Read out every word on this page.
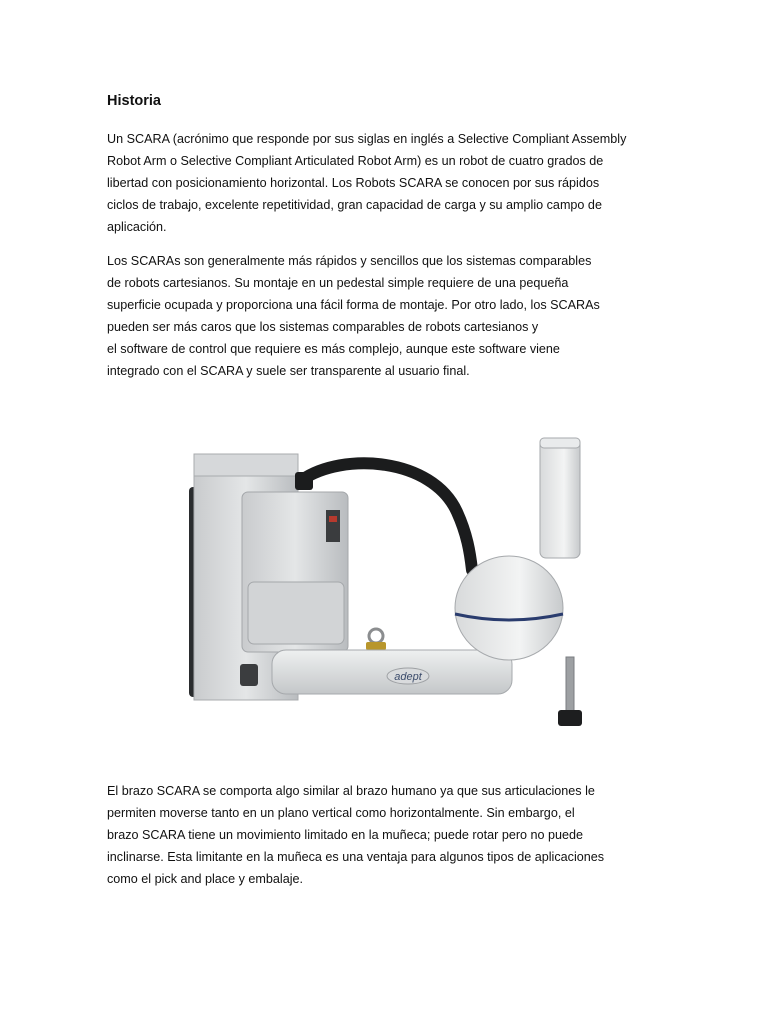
Historia

Un SCARA (acrónimo que responde por sus siglas en inglés a Selective Compliant Assembly
Robot Arm o Selective Compliant Articulated Robot Arm) es un robot de cuatro grados de
libertad con posicionamiento horizontal. Los Robots SCARA se conocen por sus rápidos
ciclos de trabajo, excelente repetitividad, gran capacidad de carga y su amplio campo de
aplicación.

Los SCARAs son generalmente más rápidos y sencillos que los sistemas comparables
de robots cartesianos. Su montaje en un pedestal simple requiere de una pequeña
superficie ocupada y proporciona una fácil forma de montaje. Por otro lado, los SCARAs
pueden ser más caros que los sistemas comparables de robots cartesianos y
el software de control que requiere es más complejo, aunque este software viene
integrado con el SCARA y suele ser transparente al usuario final.

adept

El brazo SCARA se comporta algo similar al brazo humano ya que sus articulaciones le
permiten moverse tanto en un plano vertical como horizontalmente. Sin embargo, el
brazo SCARA tiene un movimiento limitado en la muñeca; puede rotar pero no puede
inclinarse. Esta limitante en la muñeca es una ventaja para algunos tipos de aplicaciones
como el pick and place y embalaje.
